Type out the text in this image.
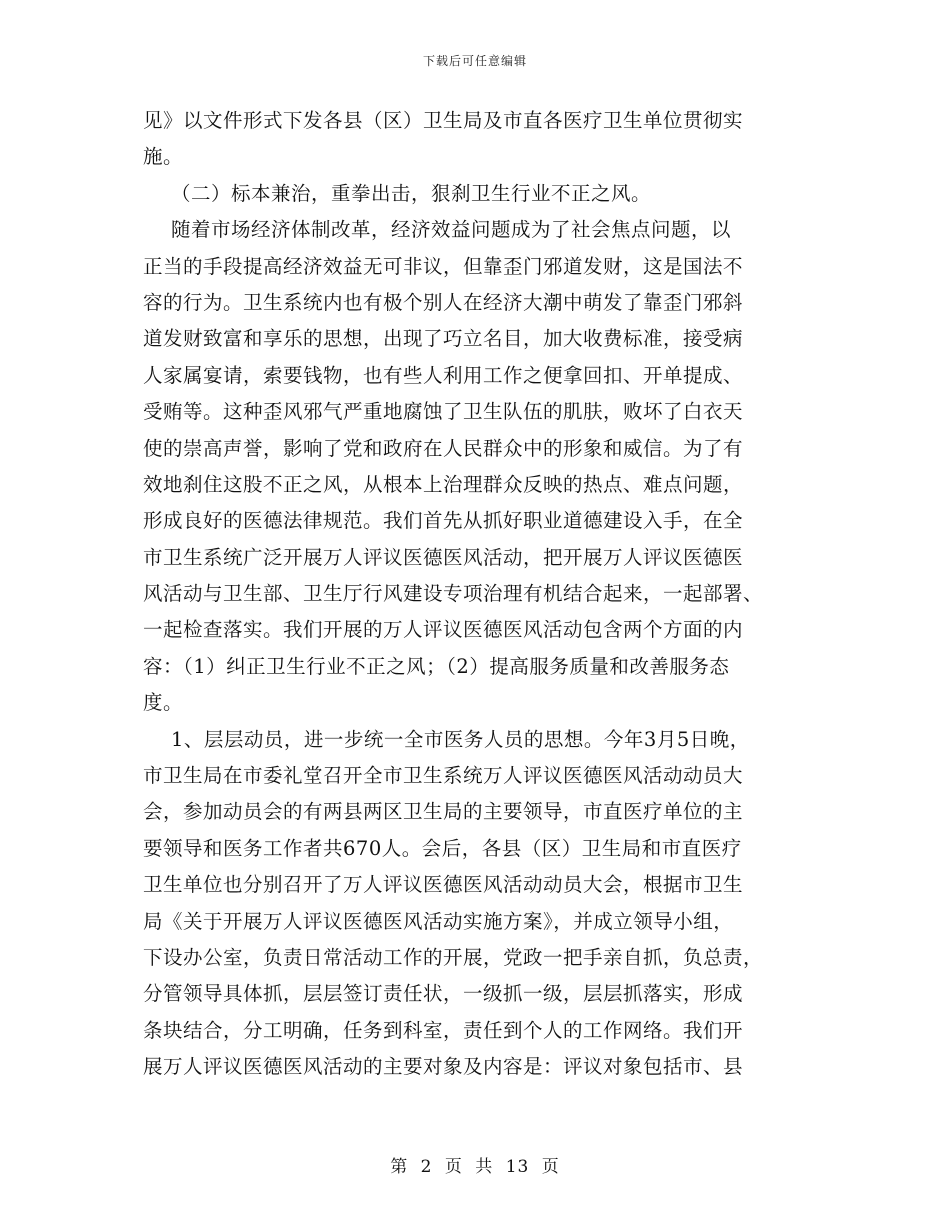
下载后可任意编辑
见》以文件形式下发各县（区）卫生局及市直各医疗卫生单位贯彻实
施。
（二）标本兼治，重拳出击，狠刹卫生行业不正之风。
随着市场经济体制改革，经济效益问题成为了社会焦点问题，以
正当的手段提高经济效益无可非议，但靠歪门邪道发财，这是国法不
容的行为。卫生系统内也有极个别人在经济大潮中萌发了靠歪门邪斜
道发财致富和享乐的思想，出现了巧立名目，加大收费标准，接受病
人家属宴请，索要钱物，也有些人利用工作之便拿回扣、开单提成、
受贿等。这种歪风邪气严重地腐蚀了卫生队伍的肌肤，败坏了白衣天
使的崇高声誉，影响了党和政府在人民群众中的形象和威信。为了有
效地刹住这股不正之风，从根本上治理群众反映的热点、难点问题，
形成良好的医德法律规范。我们首先从抓好职业道德建设入手，在全
市卫生系统广泛开展万人评议医德医风活动，把开展万人评议医德医
风活动与卫生部、卫生厅行风建设专项治理有机结合起来，一起部署、
一起检查落实。我们开展的万人评议医德医风活动包含两个方面的内
容：（1）纠正卫生行业不正之风；（2）提高服务质量和改善服务态
度。
1、层层动员，进一步统一全市医务人员的思想。今年3月5日晚，
市卫生局在市委礼堂召开全市卫生系统万人评议医德医风活动动员大
会，参加动员会的有两县两区卫生局的主要领导，市直医疗单位的主
要领导和医务工作者共670人。会后，各县（区）卫生局和市直医疗
卫生单位也分别召开了万人评议医德医风活动动员大会，根据市卫生
局《关于开展万人评议医德医风活动实施方案》，并成立领导小组，
下设办公室，负责日常活动工作的开展，党政一把手亲自抓，负总责，
分管领导具体抓，层层签订责任状，一级抓一级，层层抓落实，形成
条块结合，分工明确，任务到科室，责任到个人的工作网络。我们开
展万人评议医德医风活动的主要对象及内容是：评议对象包括市、县
第 2 页 共 13 页
